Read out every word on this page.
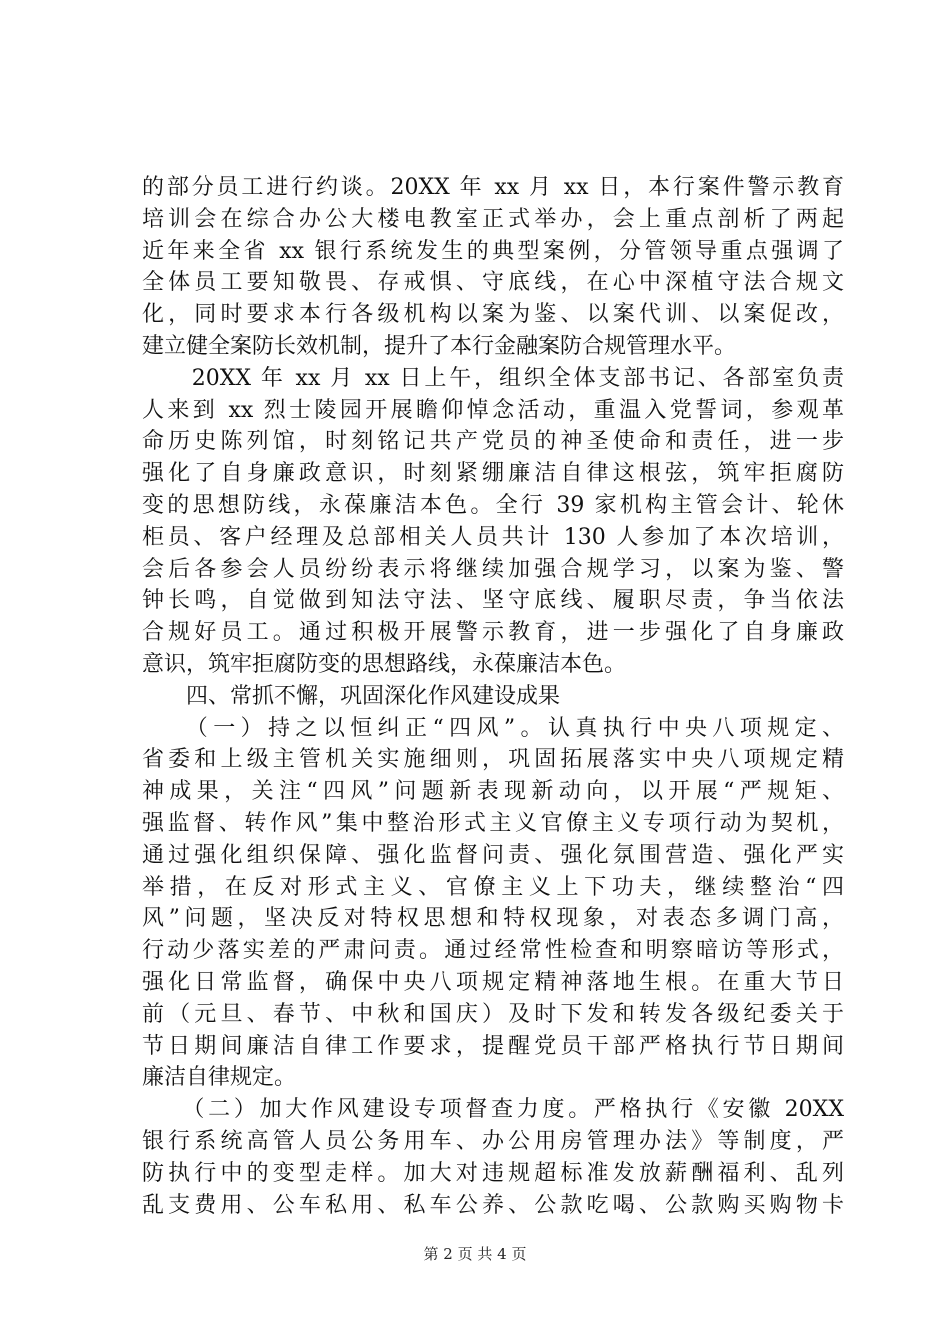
的部分员工进行约谈。20XX 年 xx 月 xx 日，本行案件警示教育
培训会在综合办公大楼电教室正式举办，会上重点剖析了两起
近年来全省 xx 银行系统发生的典型案例，分管领导重点强调了
全体员工要知敬畏、存戒惧、守底线，在心中深植守法合规文
化，同时要求本行各级机构以案为鉴、以案代训、以案促改，
建立健全案防长效机制，提升了本行金融案防合规管理水平。
　　20XX 年 xx 月 xx 日上午，组织全体支部书记、各部室负责
人来到 xx 烈士陵园开展瞻仰悼念活动，重温入党誓词，参观革
命历史陈列馆，时刻铭记共产党员的神圣使命和责任，进一步
强化了自身廉政意识，时刻紧绷廉洁自律这根弦，筑牢拒腐防
变的思想防线，永葆廉洁本色。全行 39 家机构主管会计、轮休
柜员、客户经理及总部相关人员共计 130 人参加了本次培训，
会后各参会人员纷纷表示将继续加强合规学习，以案为鉴、警
钟长鸣，自觉做到知法守法、坚守底线、履职尽责，争当依法
合规好员工。通过积极开展警示教育，进一步强化了自身廉政
意识，筑牢拒腐防变的思想路线，永葆廉洁本色。
　　四、常抓不懈，巩固深化作风建设成果
　　（一）持之以恒纠正“四风”。认真执行中央八项规定、
省委和上级主管机关实施细则，巩固拓展落实中央八项规定精
神成果，关注“四风”问题新表现新动向，以开展“严规矩、
强监督、转作风”集中整治形式主义官僚主义专项行动为契机，
通过强化组织保障、强化监督问责、强化氛围营造、强化严实
举措，在反对形式主义、官僚主义上下功夫，继续整治“四
风”问题，坚决反对特权思想和特权现象，对表态多调门高，
行动少落实差的严肃问责。通过经常性检查和明察暗访等形式，
强化日常监督，确保中央八项规定精神落地生根。在重大节日
前（元旦、春节、中秋和国庆）及时下发和转发各级纪委关于
节日期间廉洁自律工作要求，提醒党员干部严格执行节日期间
廉洁自律规定。
　　（二）加大作风建设专项督查力度。严格执行《安徽 20XX
银行系统高管人员公务用车、办公用房管理办法》等制度，严
防执行中的变型走样。加大对违规超标准发放薪酬福利、乱列
乱支费用、公车私用、私车公养、公款吃喝、公款购买购物卡
第 2 页 共 4 页
